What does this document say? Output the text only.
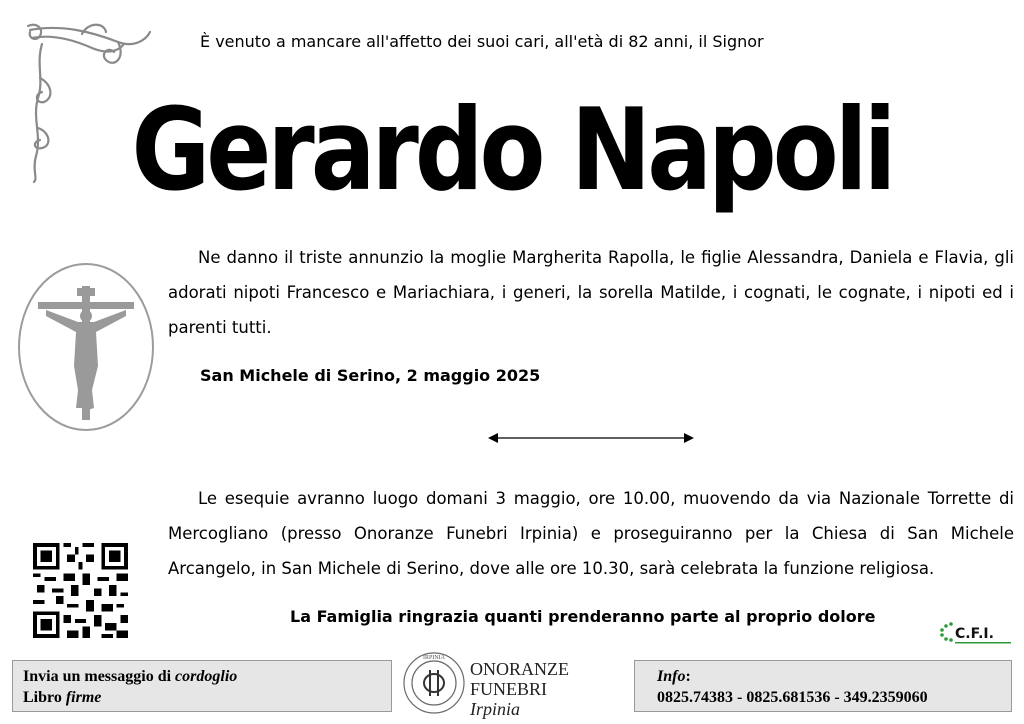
È venuto a mancare all'affetto dei suoi cari, all'età di 82 anni, il Signor
Gerardo Napoli
Ne danno il triste annunzio la moglie Margherita Rapolla, le figlie Alessandra, Daniela e Flavia, gli adorati nipoti Francesco e Mariachiara, i generi, la sorella Matilde, i cognati, le cognate, i nipoti ed i parenti tutti.
San Michele di Serino, 2 maggio 2025
Le esequie avranno luogo domani 3 maggio, ore 10.00, muovendo da via Nazionale Torrette di Mercogliano (presso Onoranze Funebri Irpinia) e proseguiranno per la Chiesa di San Michele Arcangelo, in San Michele di Serino, dove alle ore 10.30, sarà celebrata la funzione religiosa.
La Famiglia ringrazia quanti prenderanno parte al proprio dolore
C.F.I.
Invia un messaggio di cordoglio
Libro firme
IRPINIA
ONORANZE
FUNEBRI
Irpinia
Info:
0825.74383 - 0825.681536 - 349.2359060
